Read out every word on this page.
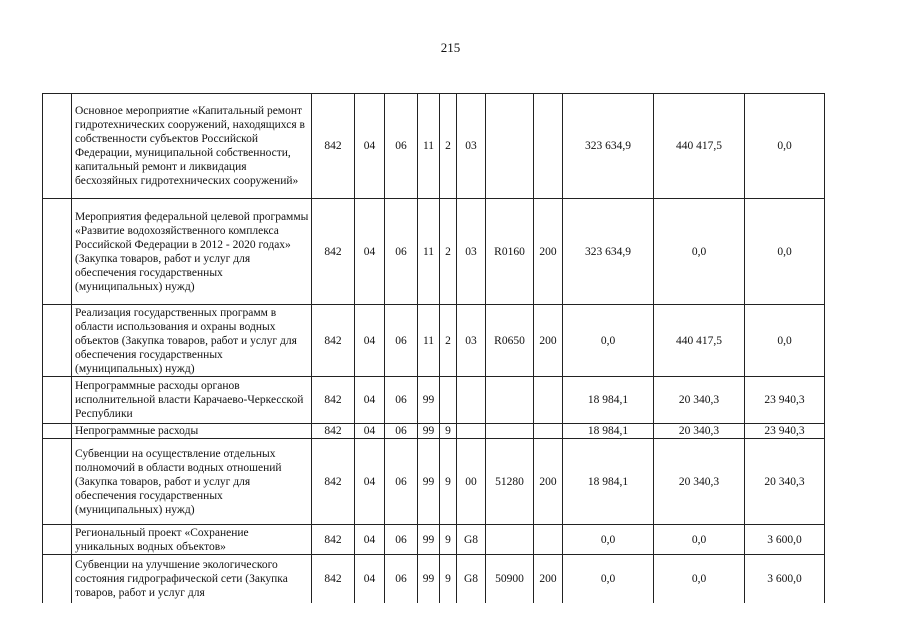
215
	Основное мероприятие «Капитальный ремонт гидротехнических сооружений, находящихся в собственности субъектов Российской Федерации, муниципальной собственности, капитальный ремонт и ликвидация бесхозяйных гидротехнических сооружений»	842	04	06	11	2	03			323 634,9	440 417,5	0,0
	Мероприятия федеральной целевой программы «Развитие водохозяйственного комплекса Российской Федерации в 2012 - 2020 годах» (Закупка товаров, работ и услуг для обеспечения государственных (муниципальных) нужд)	842	04	06	11	2	03	R0160	200	323 634,9	0,0	0,0
	Реализация государственных программ в области использования и охраны водных объектов (Закупка товаров, работ и услуг для обеспечения государственных (муниципальных) нужд)	842	04	06	11	2	03	R0650	200	0,0	440 417,5	0,0
	Непрограммные расходы органов исполнительной власти Карачаево-Черкесской Республики	842	04	06	99					18 984,1	20 340,3	23 940,3
	Непрограммные расходы	842	04	06	99	9				18 984,1	20 340,3	23 940,3
	Субвенции на осуществление отдельных полномочий в области водных отношений (Закупка товаров, работ и услуг для обеспечения государственных (муниципальных) нужд)	842	04	06	99	9	00	51280	200	18 984,1	20 340,3	20 340,3
	Региональный проект «Сохранение уникальных водных объектов»	842	04	06	99	9	G8			0,0	0,0	3 600,0
	Субвенции на улучшение экологического состояния гидрографической сети (Закупка товаров, работ и услуг для	842	04	06	99	9	G8	50900	200	0,0	0,0	3 600,0
